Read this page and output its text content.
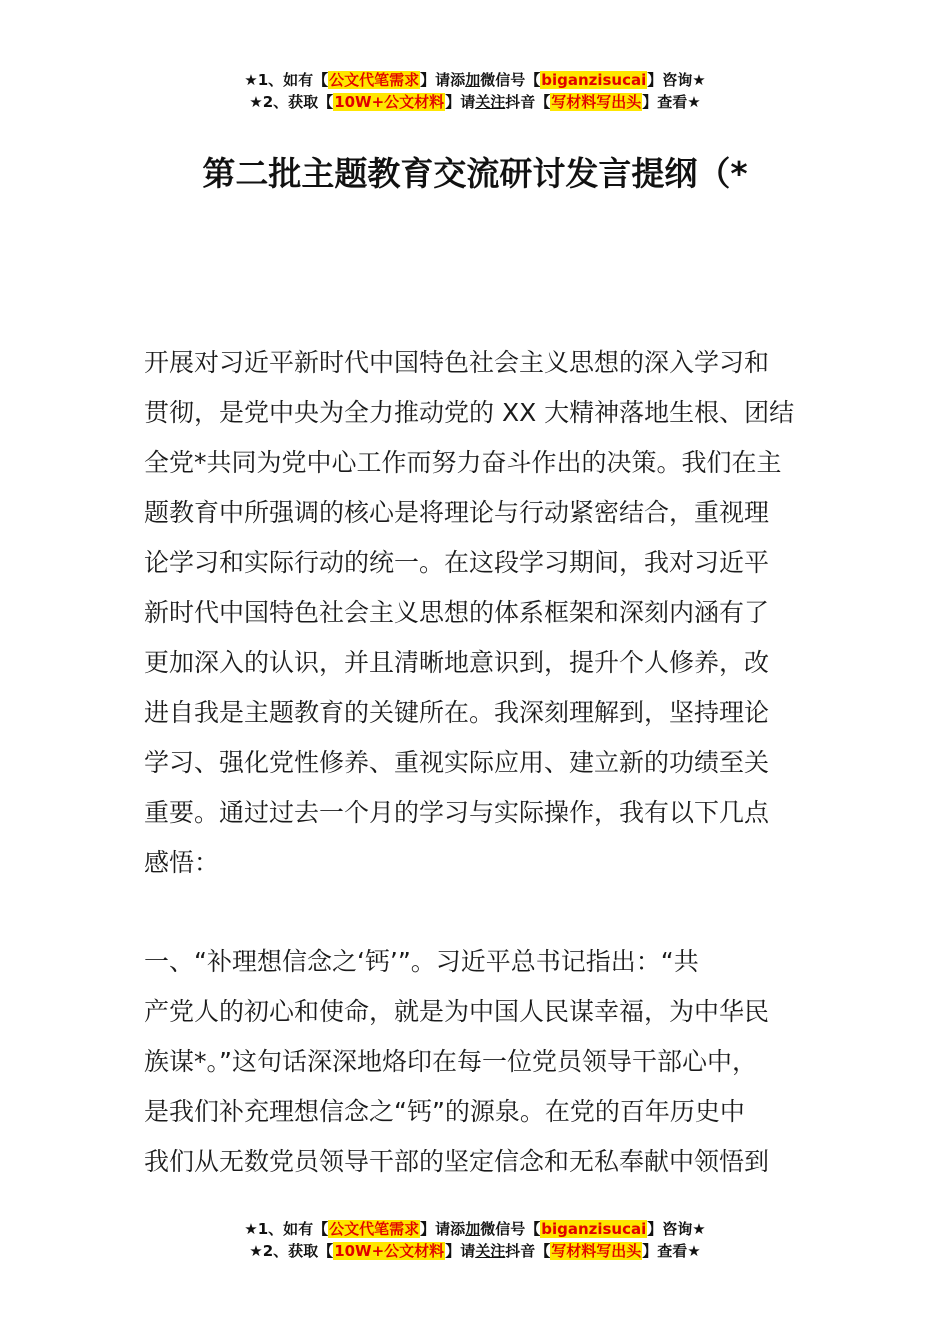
★1、如有【公文代笔需求】请添加微信号【biganzisucai】咨询★
★2、获取【10W+公文材料】请关注抖音【写材料写出头】查看★
第二批主题教育交流研讨发言提纲（*
开展对习近平新时代中国特色社会主义思想的深入学习和
贯彻，是党中央为全力推动党的 XX 大精神落地生根、团结
全党*共同为党中心工作而努力奋斗作出的决策。我们在主
题教育中所强调的核心是将理论与行动紧密结合，重视理
论学习和实际行动的统一。在这段学习期间，我对习近平
新时代中国特色社会主义思想的体系框架和深刻内涵有了
更加深入的认识，并且清晰地意识到，提升个人修养，改
进自我是主题教育的关键所在。我深刻理解到，坚持理论
学习、强化党性修养、重视实际应用、建立新的功绩至关
重要。通过过去一个月的学习与实际操作，我有以下几点
感悟：
一、“补理想信念之‘钙’”。习近平总书记指出：“共
产党人的初心和使命，就是为中国人民谋幸福，为中华民
族谋*。”这句话深深地烙印在每一位党员领导干部心中，
是我们补充理想信念之“钙”的源泉。在党的百年历史中
我们从无数党员领导干部的坚定信念和无私奉献中领悟到
★1、如有【公文代笔需求】请添加微信号【biganzisucai】咨询★
★2、获取【10W+公文材料】请关注抖音【写材料写出头】查看★
